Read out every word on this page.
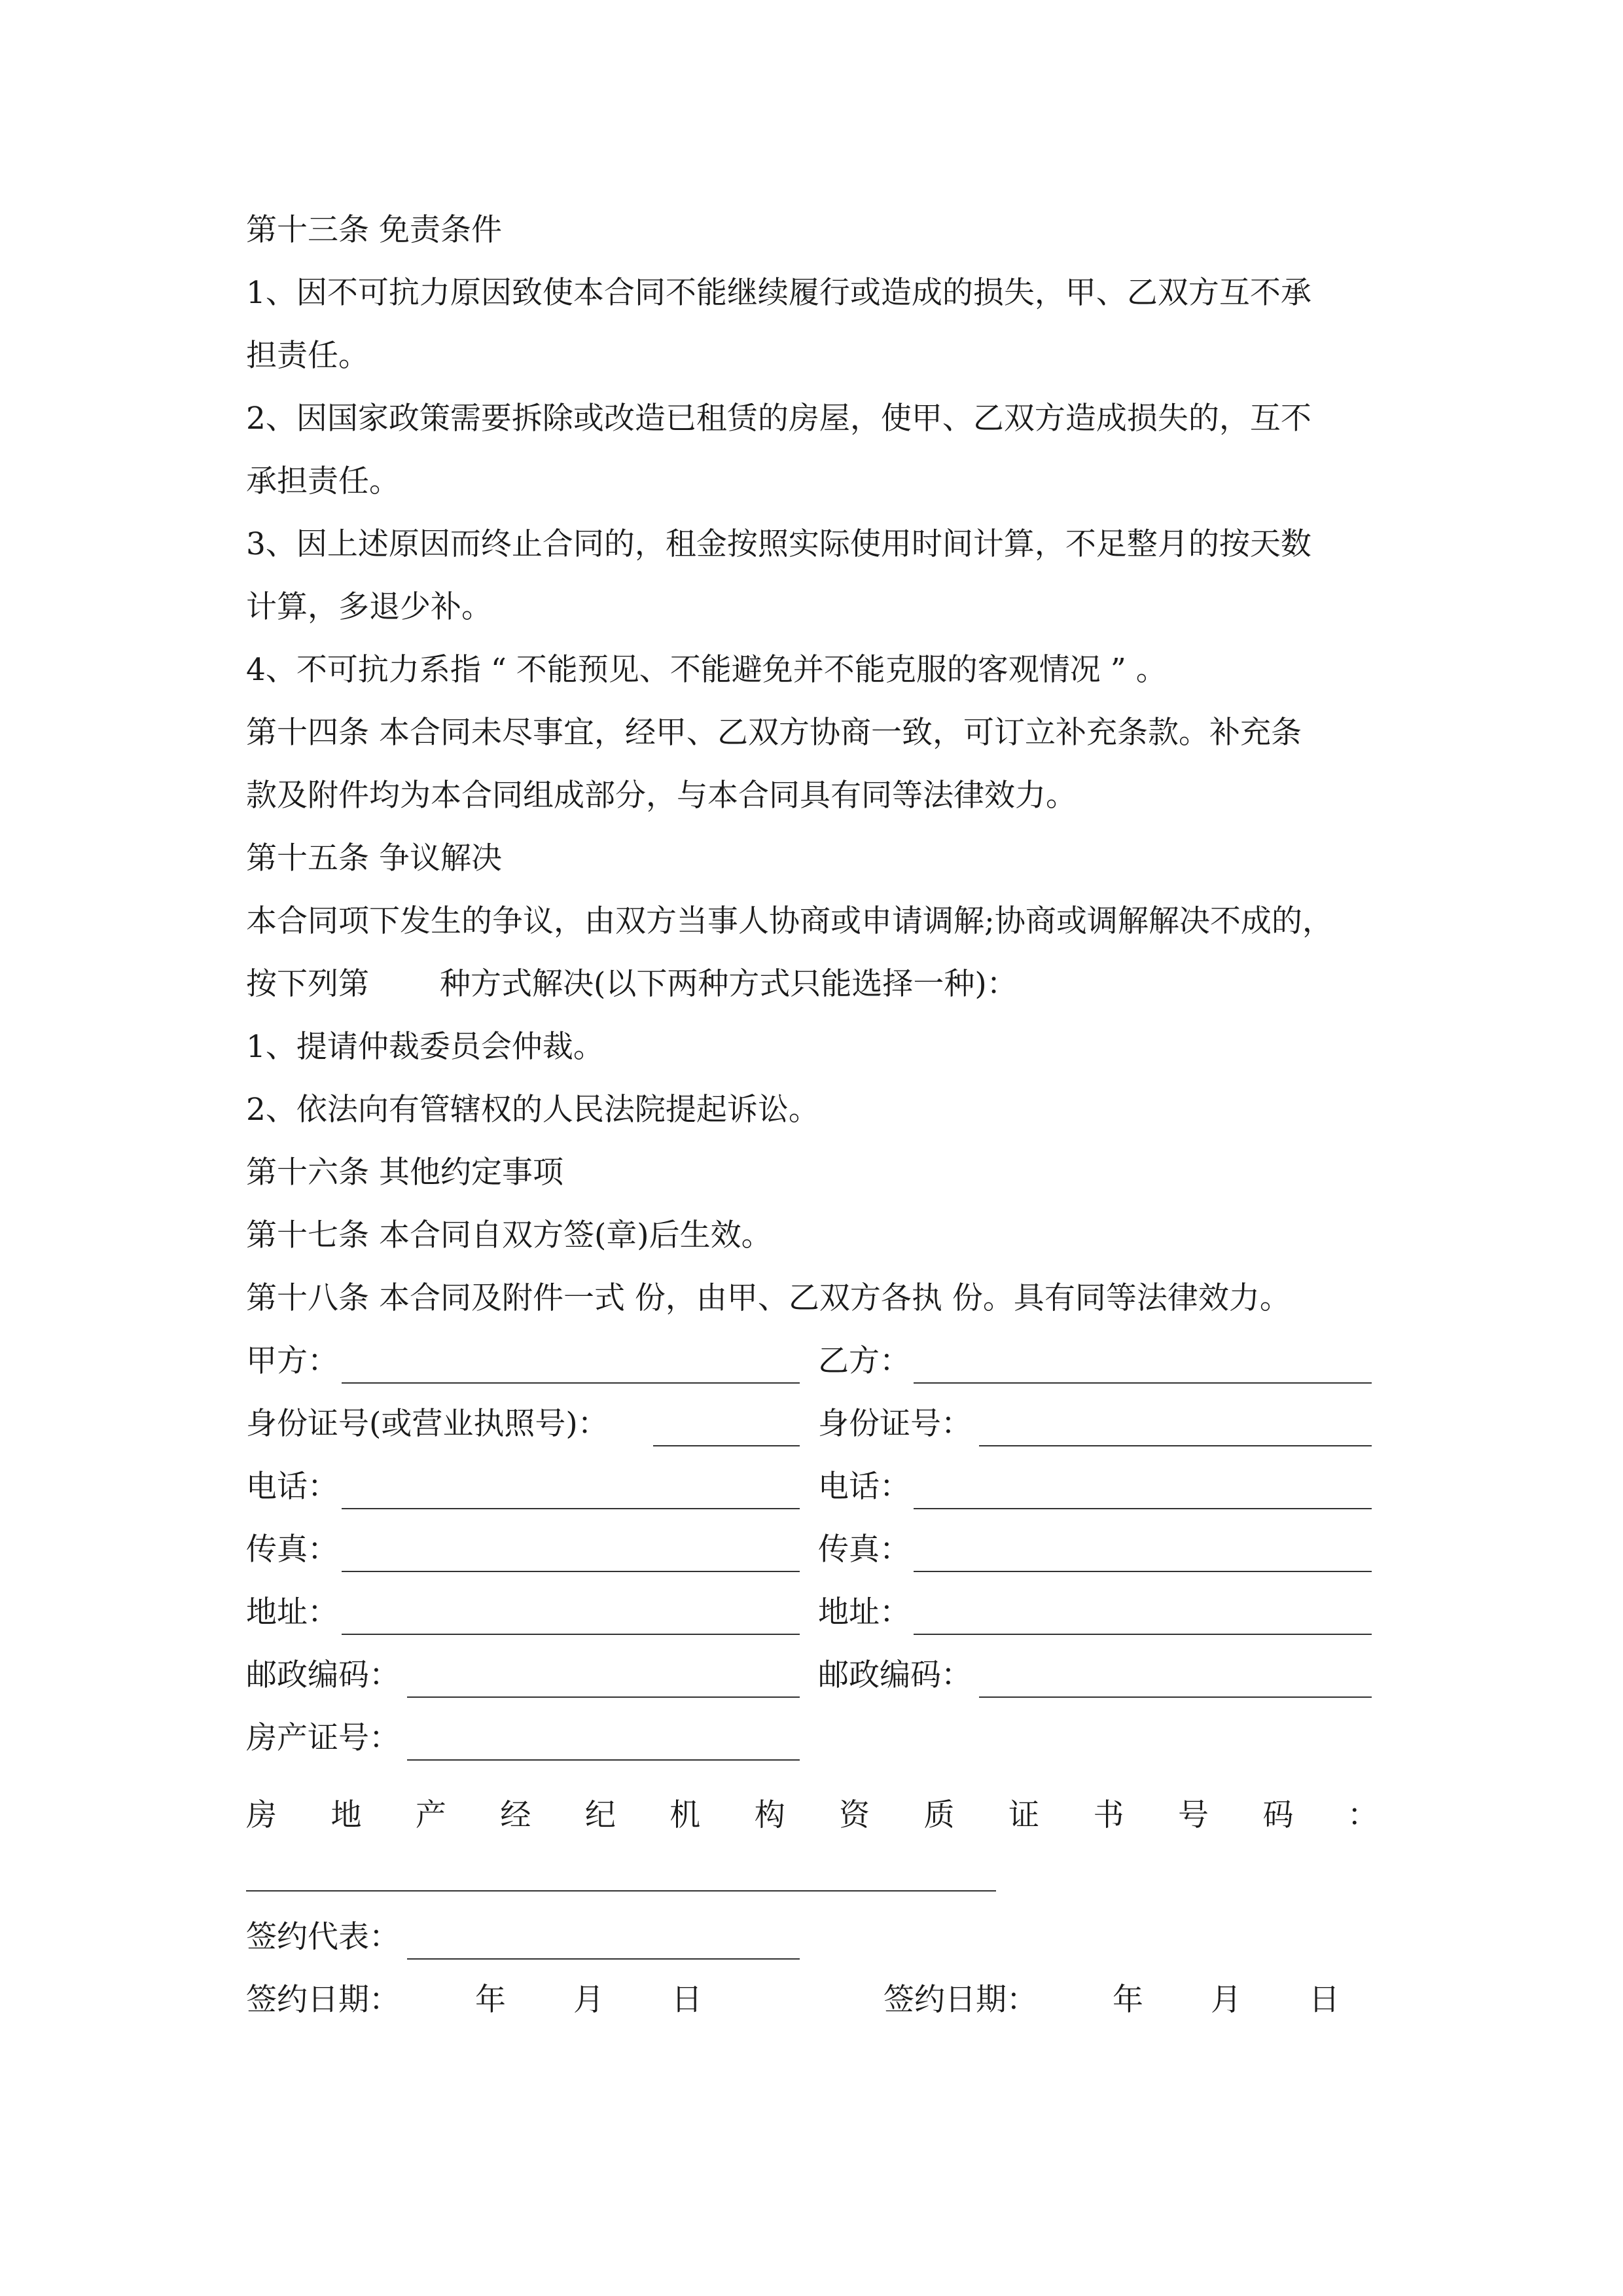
第十三条 免责条件
1、因不可抗力原因致使本合同不能继续履行或造成的损失，甲、乙双方互不承
担责任。
2、因国家政策需要拆除或改造已租赁的房屋，使甲、乙双方造成损失的，互不
承担责任。
3、因上述原因而终止合同的，租金按照实际使用时间计算，不足整月的按天数
计算，多退少补。
4、不可抗力系指 “ 不能预见、不能避免并不能克服的客观情况 ” 。
第十四条 本合同未尽事宜，经甲、乙双方协商一致，可订立补充条款。补充条
款及附件均为本合同组成部分，与本合同具有同等法律效力。
第十五条 争议解决
本合同项下发生的争议，由双方当事人协商或申请调解;协商或调解解决不成的，
按下列第 种方式解决(以下两种方式只能选择一种)：
1、提请仲裁委员会仲裁。
2、依法向有管辖权的人民法院提起诉讼。
第十六条 其他约定事项
第十七条 本合同自双方签(章)后生效。
第十八条 本合同及附件一式 份，由甲、乙双方各执 份。具有同等法律效力。
甲方：	乙方：
身份证号(或营业执照号)：	身份证号：
电话：	电话：
传真：	传真：
地址：	地址：
邮政编码：	邮政编码：
房产证号：
房 地 产 经 纪 机 构 资 质 证 书 号 码 ：
签约代表：
签约日期： 年 月 日	签约日期： 年 月 日
